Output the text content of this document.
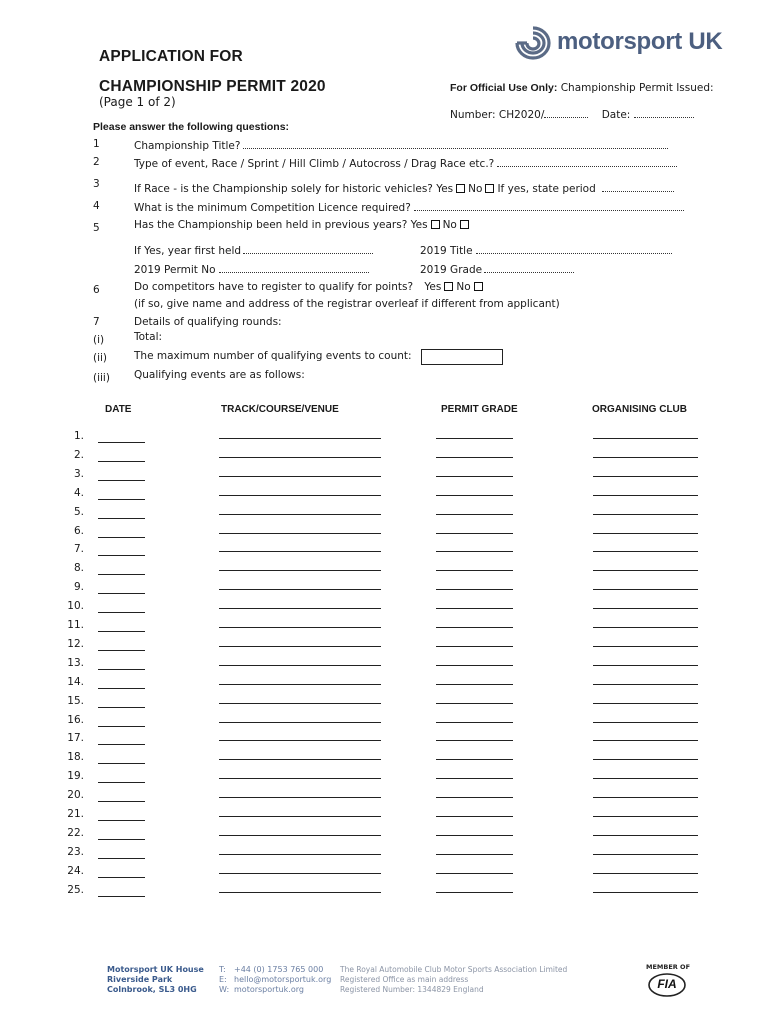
APPLICATION FOR
CHAMPIONSHIP PERMIT 2020
(Page 1 of 2)
motorsport UK
For Official Use Only: Championship Permit Issued:
Number: CH2020/	Date:
Please answer the following questions:
1	Championship Title?
2	Type of event, Race / Sprint / Hill Climb / Autocross / Drag Race etc.?
3	If Race - is the Championship solely for historic vehicles? Yes No If yes, state period
4	What is the minimum Competition Licence required?
5	Has the Championship been held in previous years? Yes No
If Yes, year first held	2019 Title
2019 Permit No	2019 Grade
6	Do competitors have to register to qualify for points? Yes No
(if so, give name and address of the registrar overleaf if different from applicant)
7	Details of qualifying rounds:
(i)	Total:
(ii)	The maximum number of qualifying events to count:
(iii) Qualifying events are as follows:
DATE	TRACK/COURSE/VENUE	PERMIT GRADE	ORGANISING CLUB
1.
2.
3.
4.
5.
6.
7.
8.
9.
10.
11.
12.
13.
14.
15.
16.
17.
18.
19.
20.
21.
22.
23.
24.
25.
Motorsport UK House
Riverside Park
Colnbrook, SL3 0HG
T:
E:
W:
+44 (0) 1753 765 000
hello@motorsportuk.org
motorsportuk.org
The Royal Automobile Club Motor Sports Association Limited
Registered Office as main address
Registered Number: 1344829 England
MEMBER OF
FIA
